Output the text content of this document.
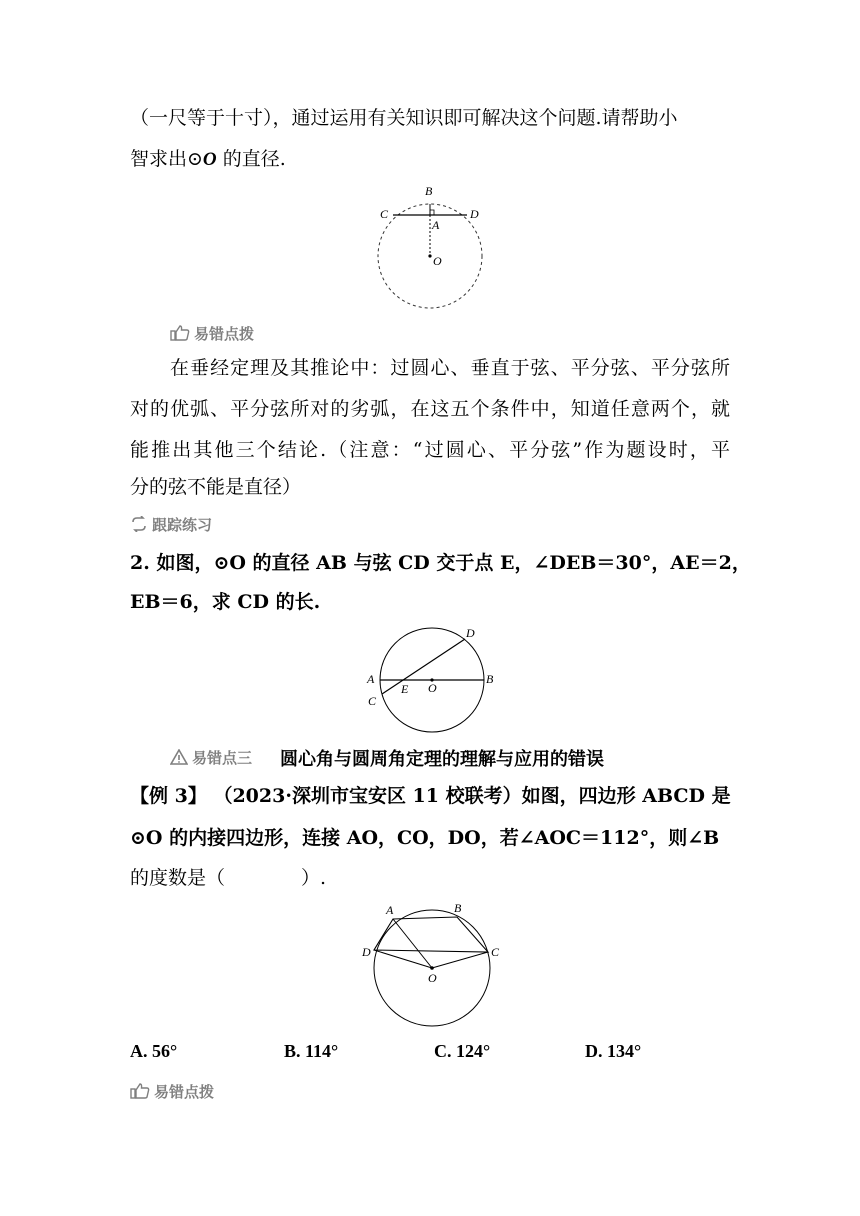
（一尺等于十寸），通过运用有关知识即可解决这个问题.请帮助小
智求出⊙O 的直径.
B
C	D
A
O
易错点拨
在垂经定理及其推论中：过圆心、垂直于弦、平分弦、平分弦所
对的优弧、平分弦所对的劣弧，在这五个条件中，知道任意两个，就
能推出其他三个结论.（注意：“过圆心、平分弦”作为题设时，平
分的弦不能是直径）
跟踪练习
2. 如图，⊙O 的直径 AB 与弦 CD 交于点 E，∠DEB＝30°，AE＝2，
EB＝6，求 CD 的长.
D
A
E O
B
C
易错点三 圆心角与圆周角定理的理解与应用的错误
【例 3】 （2023·深圳市宝安区 11 校联考）如图，四边形 ABCD 是
⊙O 的内接四边形，连接 AO，CO，DO，若∠AOC＝112°，则∠B
的度数是（　　　　）.
A	B
D	C
O
A. 56°	B. 114°	C. 124°	D. 134°
易错点拨
